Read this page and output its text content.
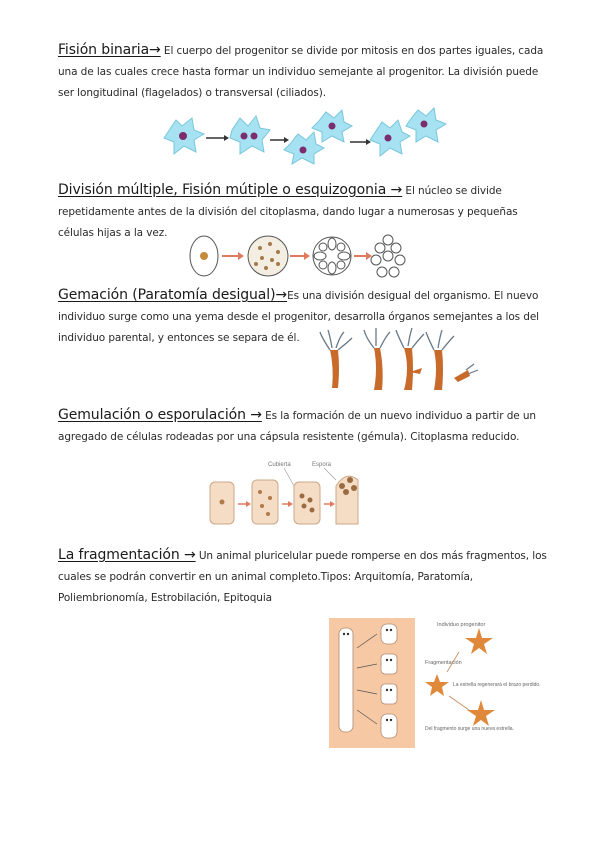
Fisión binaria→ El cuerpo del progenitor se divide por mitosis en dos partes iguales, cada una de las cuales crece hasta formar un individuo semejante al progenitor. La división puede ser longitudinal (flagelados) o transversal (ciliados).

División múltiple, Fisión mútiple o esquizogonia → El núcleo se divide repetidamente antes de la división del citoplasma, dando lugar a numerosas y pequeñas células hijas a la vez.

Gemación (Paratomía desigual)→Es una división desigual del organismo. El nuevo individuo surge como una yema desde el progenitor, desarrolla órganos semejantes a los del individuo parental, y entonces se separa de él.

Gemulación o esporulación → Es la formación de un nuevo individuo a partir de un agregado de células rodeadas por una cápsula resistente (gémula). Citoplasma reducido.

Cubierta	Espora

La fragmentación → Un animal pluricelular puede romperse en dos más fragmentos, los cuales se podrán convertir en un animal completo.Tipos: Arquitomía, Paratomía, Poliembrionomía, Estrobilación, Epitoquia

Individuo progenitor
Fragmentación
La estrella regenerará el brazo perdido.
Del fragmento surge una nueva estrella.
